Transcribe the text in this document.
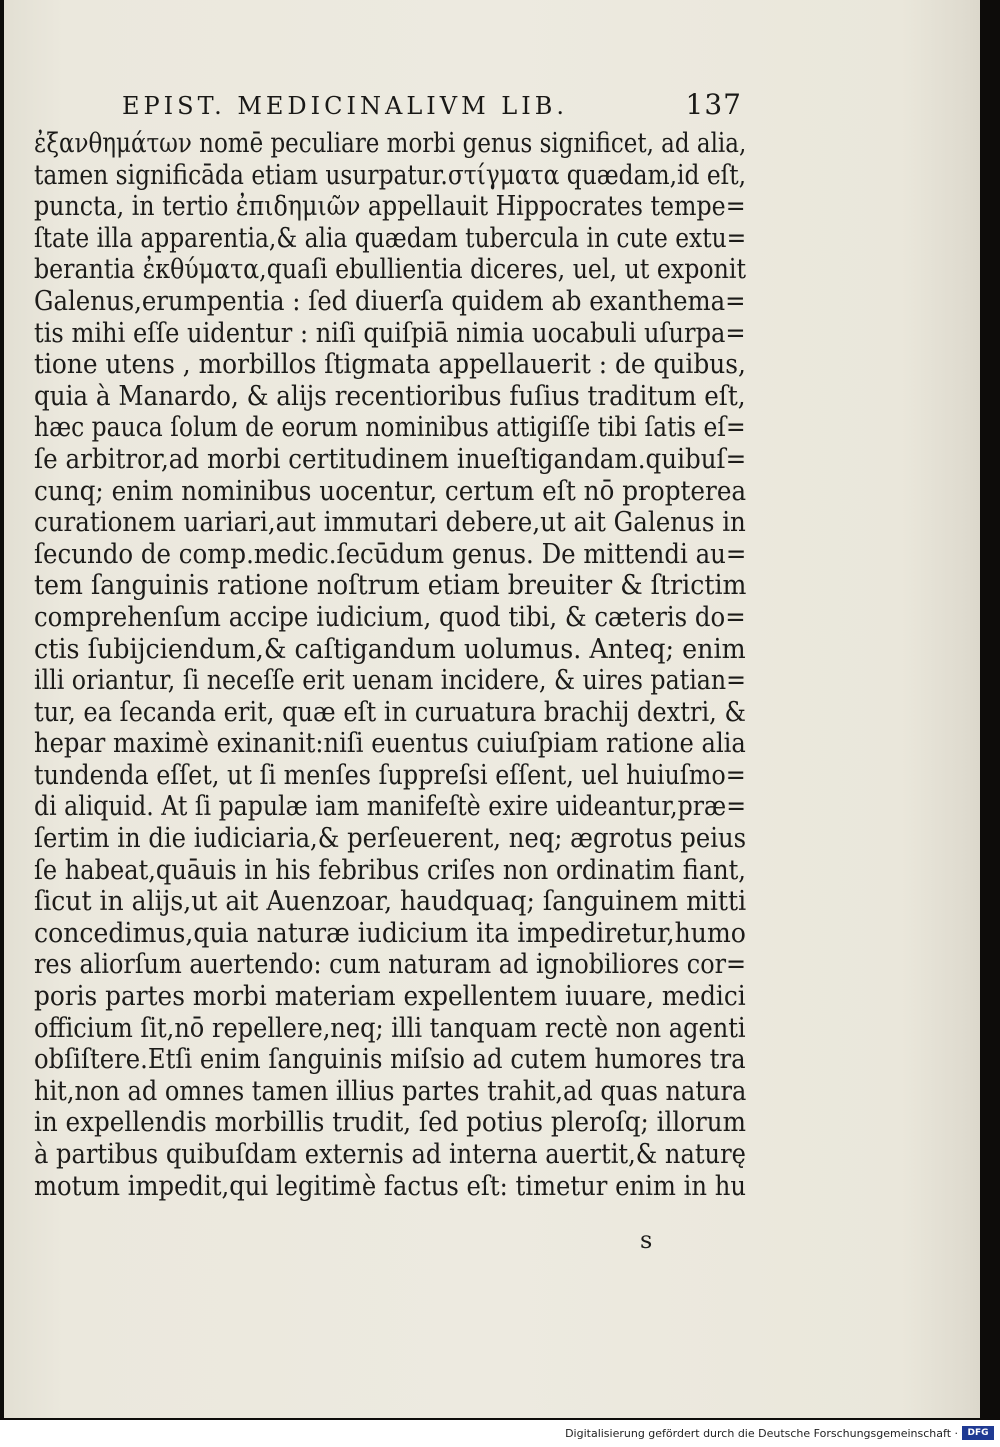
EPIST. MEDICINALIVM LIB.	137
ἐξανθημάτων nomē peculiare morbi genus significet, ad alia,
tamen significāda etiam usurpatur.στίγματα quædam,id eſt,
puncta, in tertio ἐπιδημιῶν appellauit Hippocrates tempe=
ſtate illa apparentia,& alia quædam tubercula in cute extu=
berantia ἐκθύματα,quaſi ebullientia diceres, uel, ut exponit
Galenus,erumpentia : ſed diuerſa quidem ab exanthema=
tis mihi eſſe uidentur : niſi quiſpiā nimia uocabuli uſurpa=
tione utens , morbillos ſtigmata appellauerit : de quibus,
quia à Manardo, & alijs recentioribus fuſius traditum eſt,
hæc pauca ſolum de eorum nominibus attigiſſe tibi ſatis eſ=
ſe arbitror,ad morbi certitudinem inueſtigandam.quibuſ=
cunq; enim nominibus uocentur, certum eſt nō propterea
curationem uariari,aut immutari debere,ut ait Galenus in
ſecundo de comp.medic.ſecūdum genus. De mittendi au=
tem ſanguinis ratione noſtrum etiam breuiter & ſtrictim
comprehenſum accipe iudicium, quod tibi, & cæteris do=
ctis ſubijciendum,& caſtigandum uolumus. Anteq; enim
illi oriantur, ſi neceſſe erit uenam incidere, & uires patian=
tur, ea ſecanda erit, quæ eſt in curuatura brachij dextri, &
hepar maximè exinanit:niſi euentus cuiuſpiam ratione alia
tundenda eſſet, ut ſi menſes ſuppreſsi eſſent, uel huiuſmo=
di aliquid. At ſi papulæ iam manifeſtè exire uideantur,præ=
ſertim in die iudiciaria,& perſeuerent, neq; ægrotus peius
ſe habeat,quāuis in his febribus criſes non ordinatim fiant,
ſicut in alijs,ut ait Auenzoar, haudquaq; ſanguinem mitti
concedimus,quia naturæ iudicium ita impediretur,humo
res aliorſum auertendo: cum naturam ad ignobiliores cor=
poris partes morbi materiam expellentem iuuare, medici
officium ſit,nō repellere,neq; illi tanquam rectè non agenti
obſiſtere.Etſi enim ſanguinis miſsio ad cutem humores tra
hit,non ad omnes tamen illius partes trahit,ad quas natura
in expellendis morbillis trudit, ſed potius pleroſq; illorum
à partibus quibuſdam externis ad interna auertit,& naturę
motum impedit,qui legitimè factus eſt: timetur enim in hu
s
Digitalisierung gefördert durch die Deutsche Forschungsgemeinschaft ·	DFG
